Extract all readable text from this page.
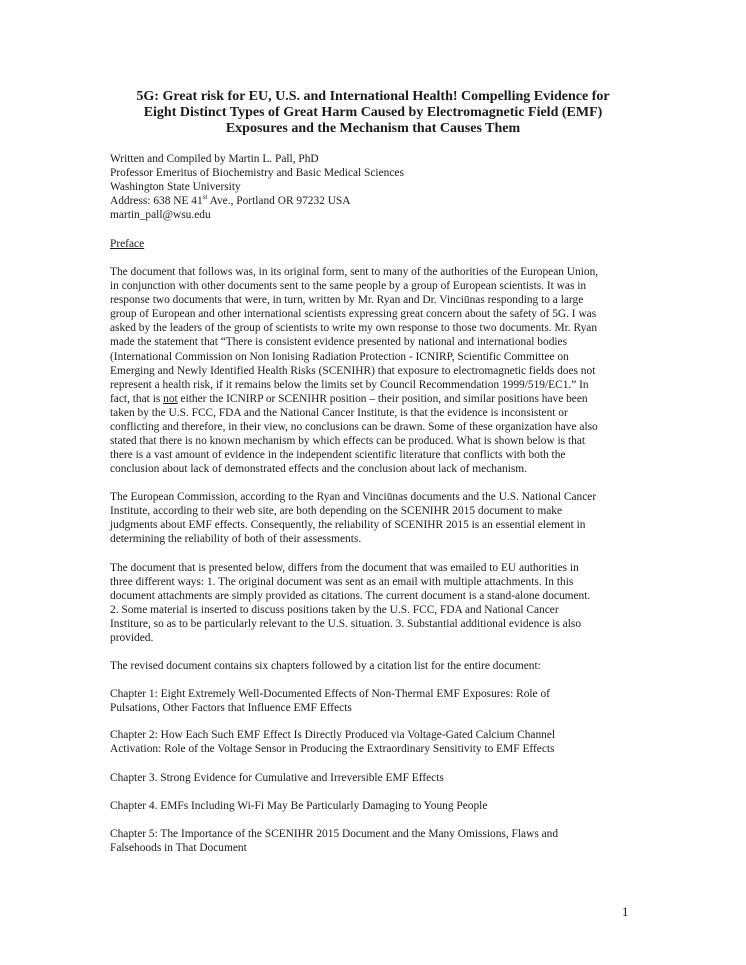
5G: Great risk for EU, U.S. and International Health! Compelling Evidence for
Eight Distinct Types of Great Harm Caused by Electromagnetic Field (EMF)
Exposures and the Mechanism that Causes Them
Written and Compiled by Martin L. Pall, PhD
Professor Emeritus of Biochemistry and Basic Medical Sciences
Washington State University
Address: 638 NE 41st Ave., Portland OR 97232 USA
martin_pall@wsu.edu
Preface
The document that follows was, in its original form, sent to many of the authorities of the European Union,
in conjunction with other documents sent to the same people by a group of European scientists. It was in
response two documents that were, in turn, written by Mr. Ryan and Dr. Vinciūnas responding to a large
group of European and other international scientists expressing great concern about the safety of 5G. I was
asked by the leaders of the group of scientists to write my own response to those two documents. Mr. Ryan
made the statement that “There is consistent evidence presented by national and international bodies
(International Commission on Non Ionising Radiation Protection - ICNIRP, Scientific Committee on
Emerging and Newly Identified Health Risks (SCENIHR) that exposure to electromagnetic fields does not
represent a health risk, if it remains below the limits set by Council Recommendation 1999/519/EC1.” In
fact, that is not either the ICNIRP or SCENIHR position – their position, and similar positions have been
taken by the U.S. FCC, FDA and the National Cancer Institute, is that the evidence is inconsistent or
conflicting and therefore, in their view, no conclusions can be drawn. Some of these organization have also
stated that there is no known mechanism by which effects can be produced. What is shown below is that
there is a vast amount of evidence in the independent scientific literature that conflicts with both the
conclusion about lack of demonstrated effects and the conclusion about lack of mechanism.
The European Commission, according to the Ryan and Vinciūnas documents and the U.S. National Cancer
Institute, according to their web site, are both depending on the SCENIHR 2015 document to make
judgments about EMF effects. Consequently, the reliability of SCENIHR 2015 is an essential element in
determining the reliability of both of their assessments.
The document that is presented below, differs from the document that was emailed to EU authorities in
three different ways: 1. The original document was sent as an email with multiple attachments. In this
document attachments are simply provided as citations. The current document is a stand-alone document.
2. Some material is inserted to discuss positions taken by the U.S. FCC, FDA and National Cancer
Institure, so as to be particularly relevant to the U.S. situation. 3. Substantial additional evidence is also
provided.
The revised document contains six chapters followed by a citation list for the entire document:
Chapter 1: Eight Extremely Well-Documented Effects of Non-Thermal EMF Exposures: Role of
Pulsations, Other Factors that Influence EMF Effects
Chapter 2: How Each Such EMF Effect Is Directly Produced via Voltage-Gated Calcium Channel
Activation: Role of the Voltage Sensor in Producing the Extraordinary Sensitivity to EMF Effects
Chapter 3. Strong Evidence for Cumulative and Irreversible EMF Effects
Chapter 4. EMFs Including Wi-Fi May Be Particularly Damaging to Young People
Chapter 5: The Importance of the SCENIHR 2015 Document and the Many Omissions, Flaws and
Falsehoods in That Document
1
